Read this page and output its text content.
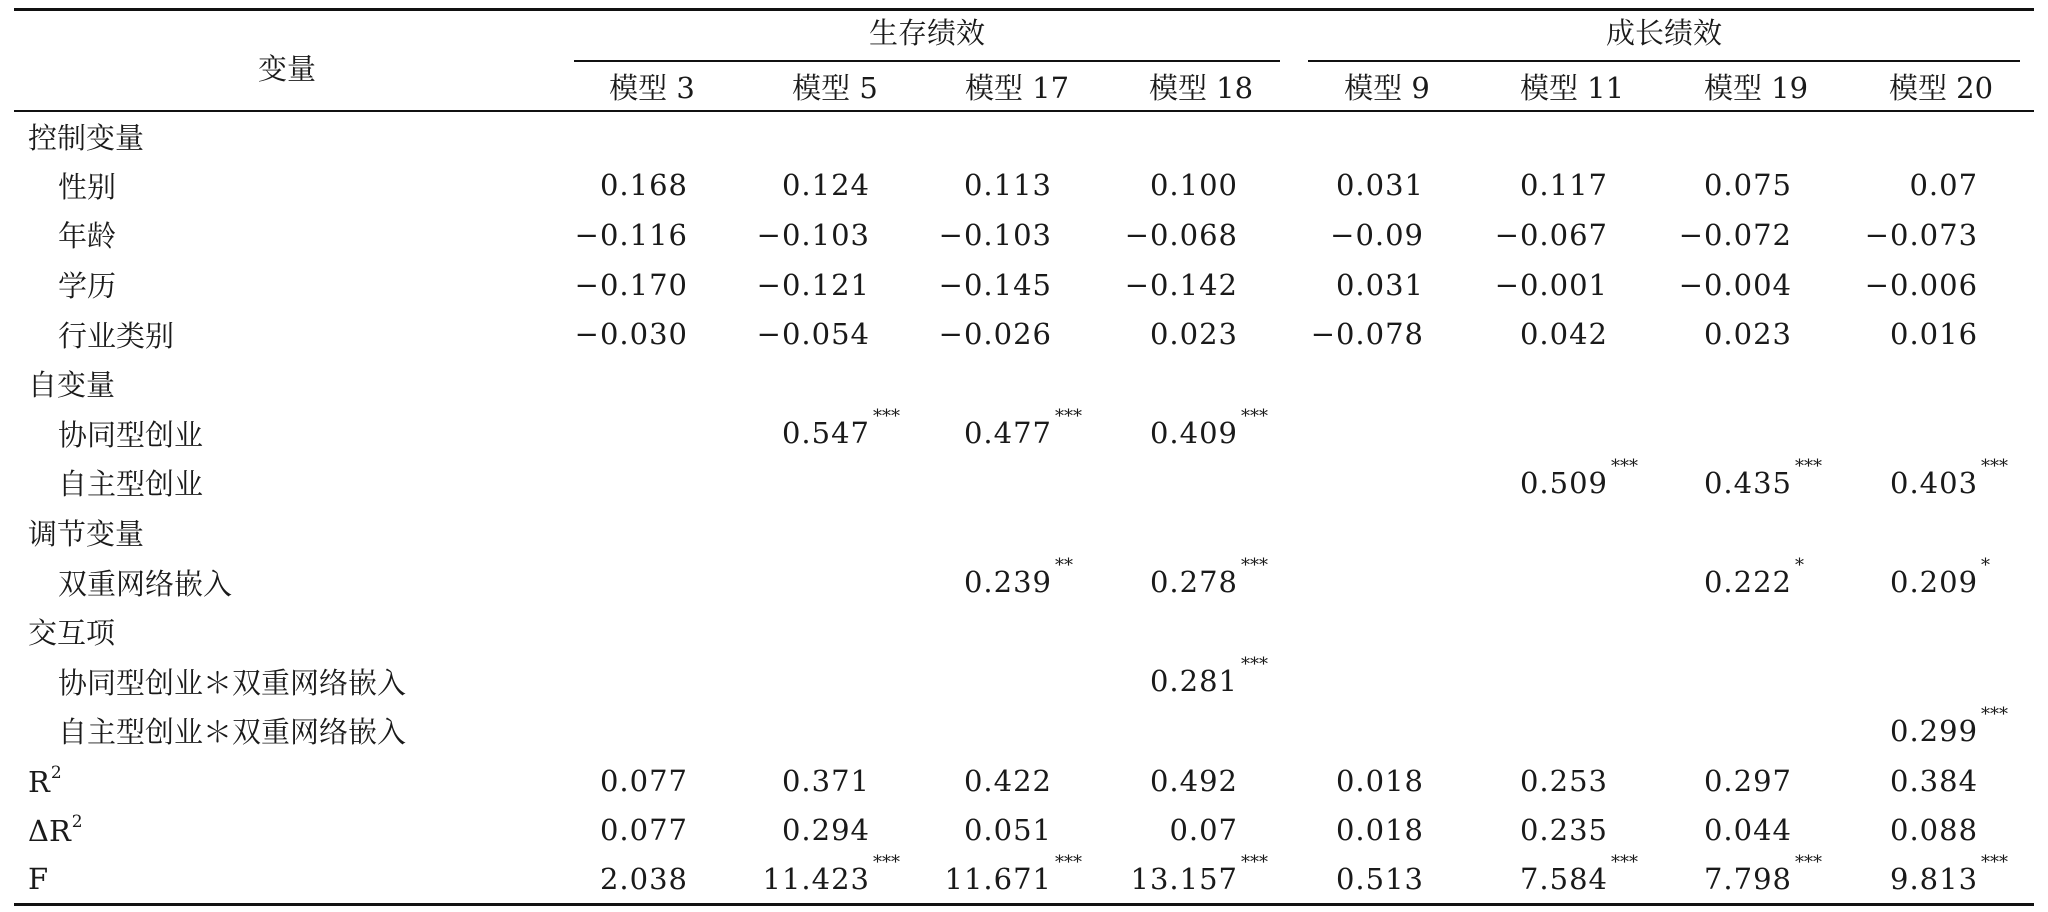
变量	生存绩效				成长绩效			

	模型 3	模型 5	模型 17	模型 18	模型 9	模型 11	模型 19	模型 20
控制变量								
性别	0.168	0.124	0.113	0.100	0.031	0.117	0.075	0.07
年龄	−0.116	−0.103	−0.103	−0.068	−0.09	−0.067	−0.072	−0.073
学历	−0.170	−0.121	−0.145	−0.142	0.031	−0.001	−0.004	−0.006
行业类别	−0.030	−0.054	−0.026	0.023	−0.078	0.042	0.023	0.016
自变量								
协同型创业		0.547 ***	0.477 ***	0.409 ***				

自主型创业						0.509 ***	0.435 ***	0.403 ***

调节变量								
双重网络嵌入			0.239 **	0.278 ***			0.222 *	0.209 *

交互项								
协同型创业＊双重网络嵌入				0.281 ***				

自主型创业＊双重网络嵌入								0.299 ***

$R^2$	0.077	0.371	0.422	0.492	0.018	0.253	0.297	0.384
$\Delta R^2$	0.077	0.294	0.051	0.07	0.018	0.235	0.044	0.088
F	2.038	11.423 ***	11.671 ***	13.157 ***	0.513	7.584 ***	7.798 ***	9.813 ***
